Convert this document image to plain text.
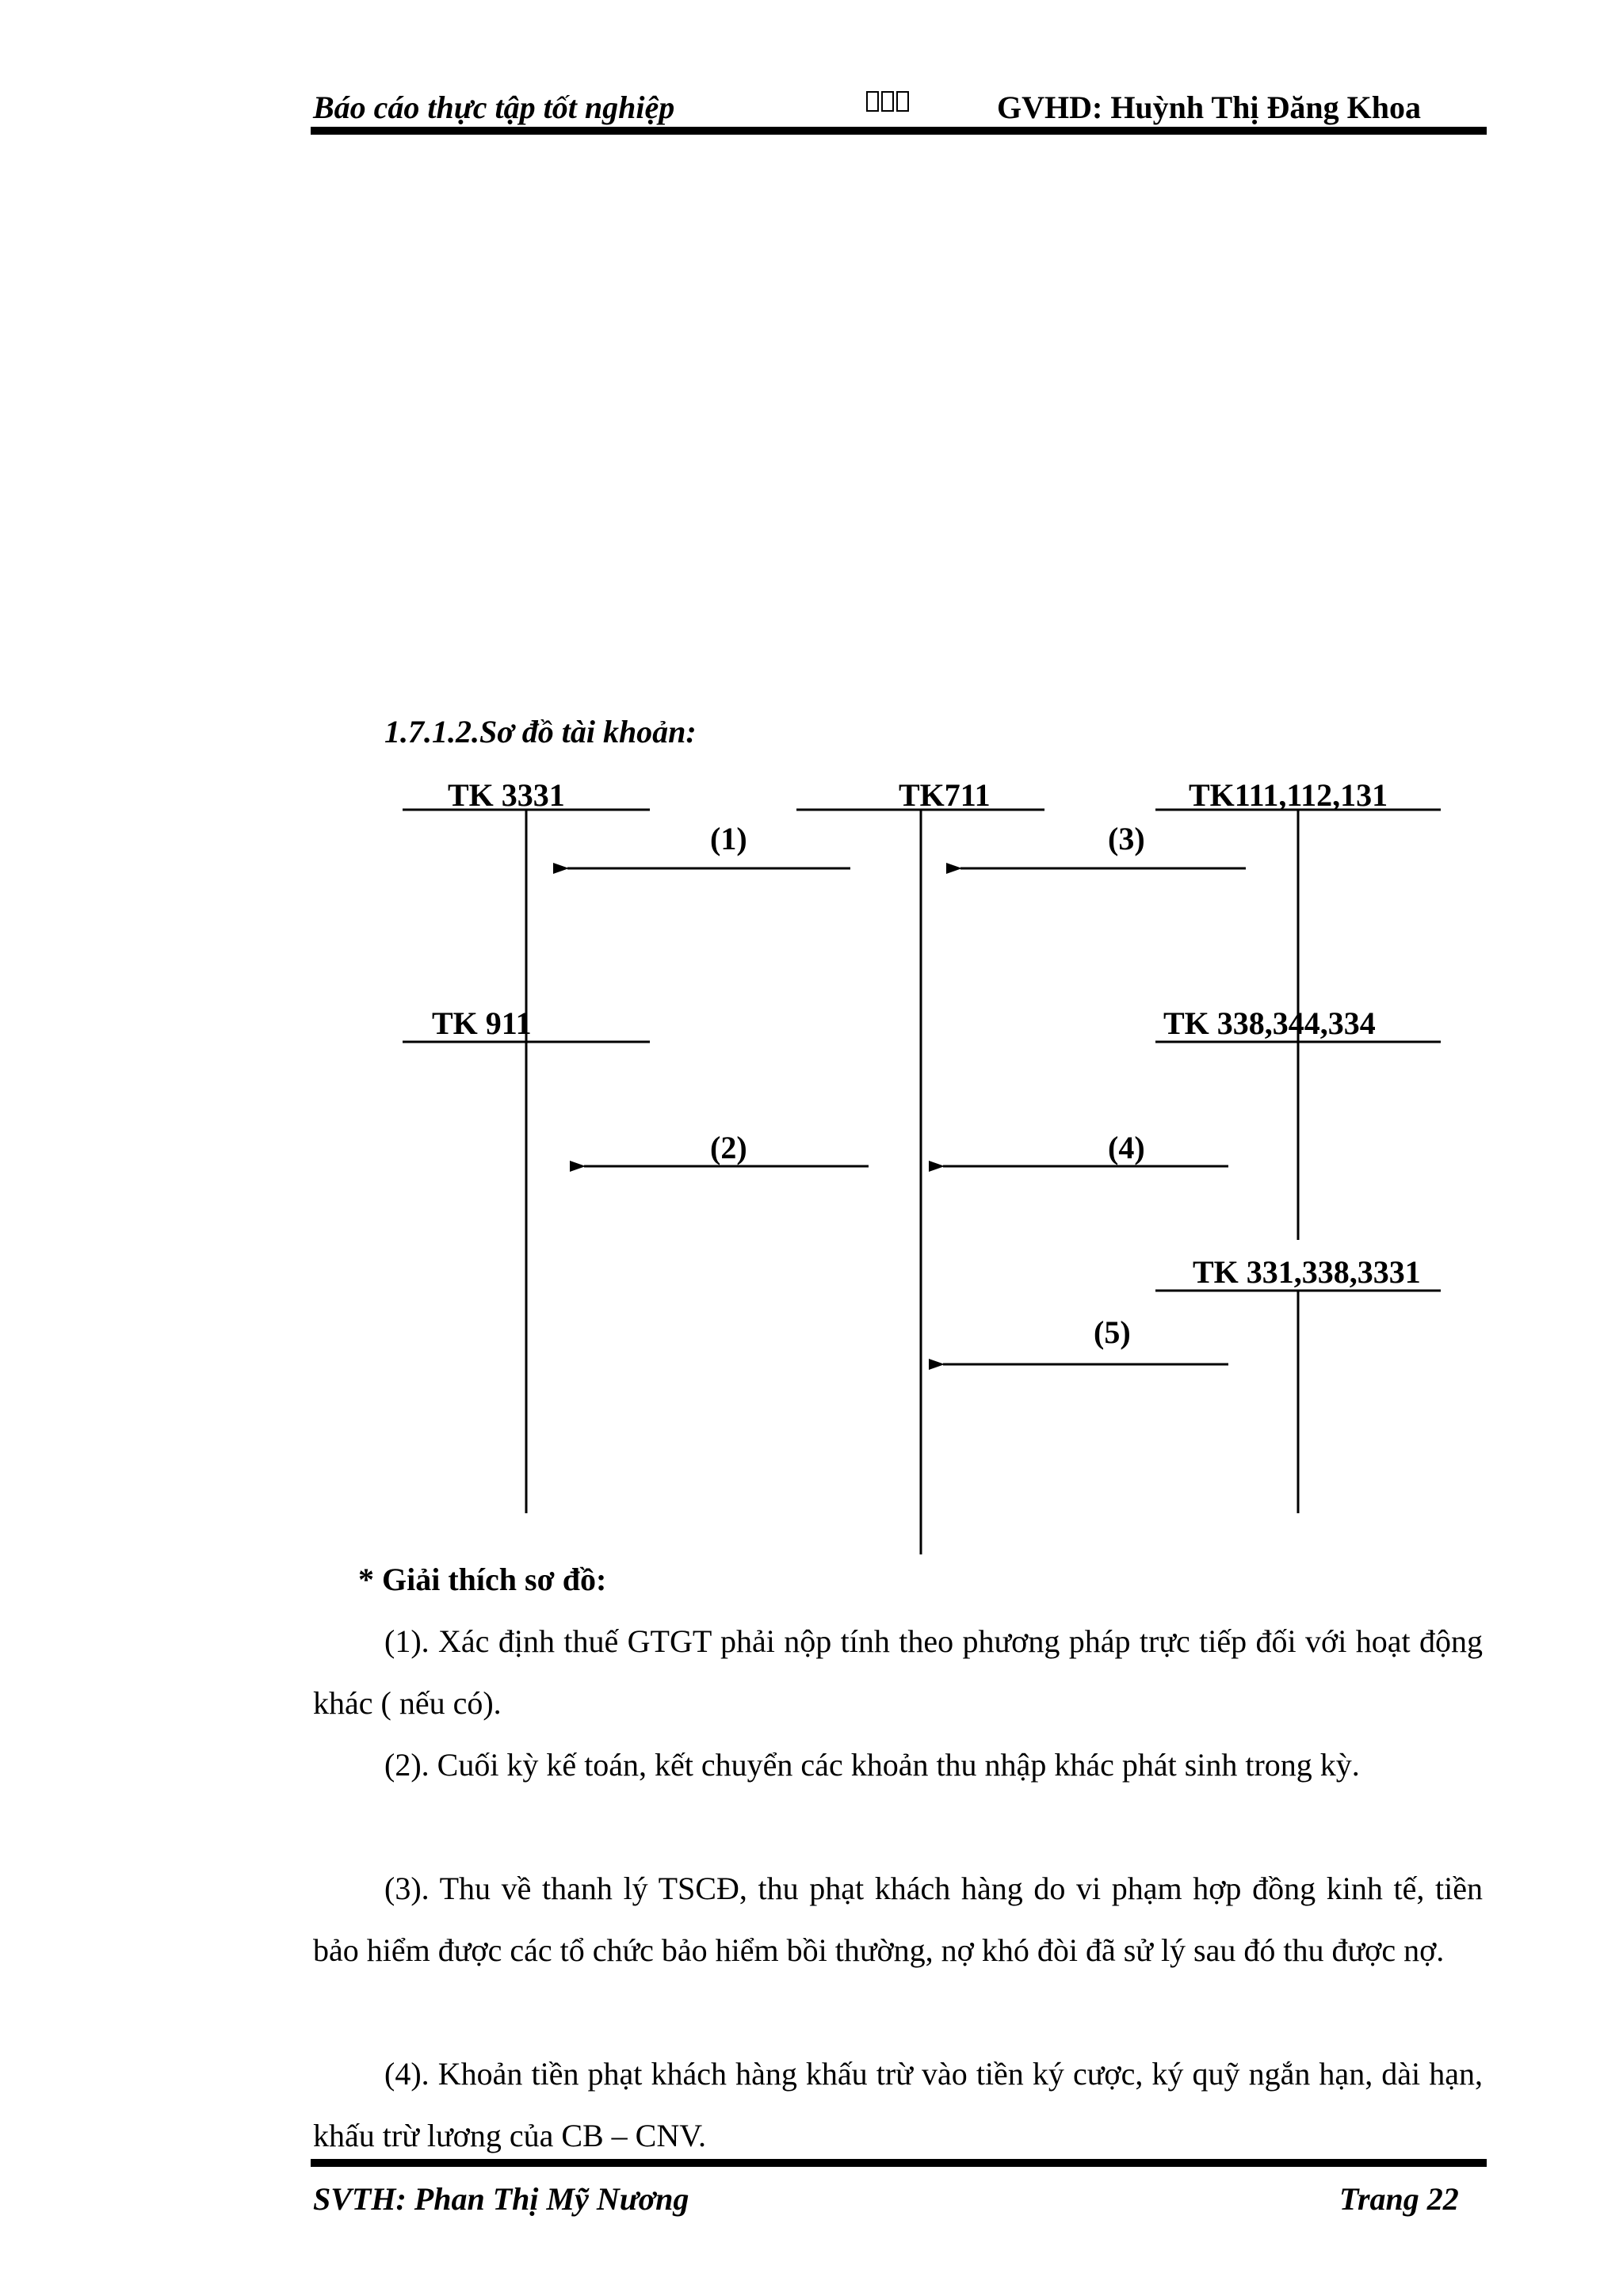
Báo cáo thực tập tốt nghiệp	GVHD: Huỳnh Thị Đăng Khoa
1.7.1.2.Sơ đồ tài khoản:
TK 3331	TK711	TK111,112,131
TK 911	TK 338,344,334
TK 331,338,3331
(1)	(3)
(2)	(4)
(5)
* Giải thích sơ đồ:
(1). Xác định thuế GTGT phải nộp tính theo phương pháp trực tiếp đối với hoạt động khác ( nếu có).
(2). Cuối kỳ kế toán, kết chuyển các khoản thu nhập khác phát sinh trong kỳ.
(3). Thu về thanh lý TSCĐ, thu phạt khách hàng do vi phạm hợp đồng kinh tế, tiền bảo hiểm được các tổ chức bảo hiểm bồi thường, nợ khó đòi đã sử lý sau đó thu được nợ.
(4). Khoản tiền phạt khách hàng khấu trừ vào tiền ký cược, ký quỹ ngắn hạn, dài hạn, khấu trừ lương của CB – CNV.
SVTH: Phan Thị Mỹ Nương	Trang 22
